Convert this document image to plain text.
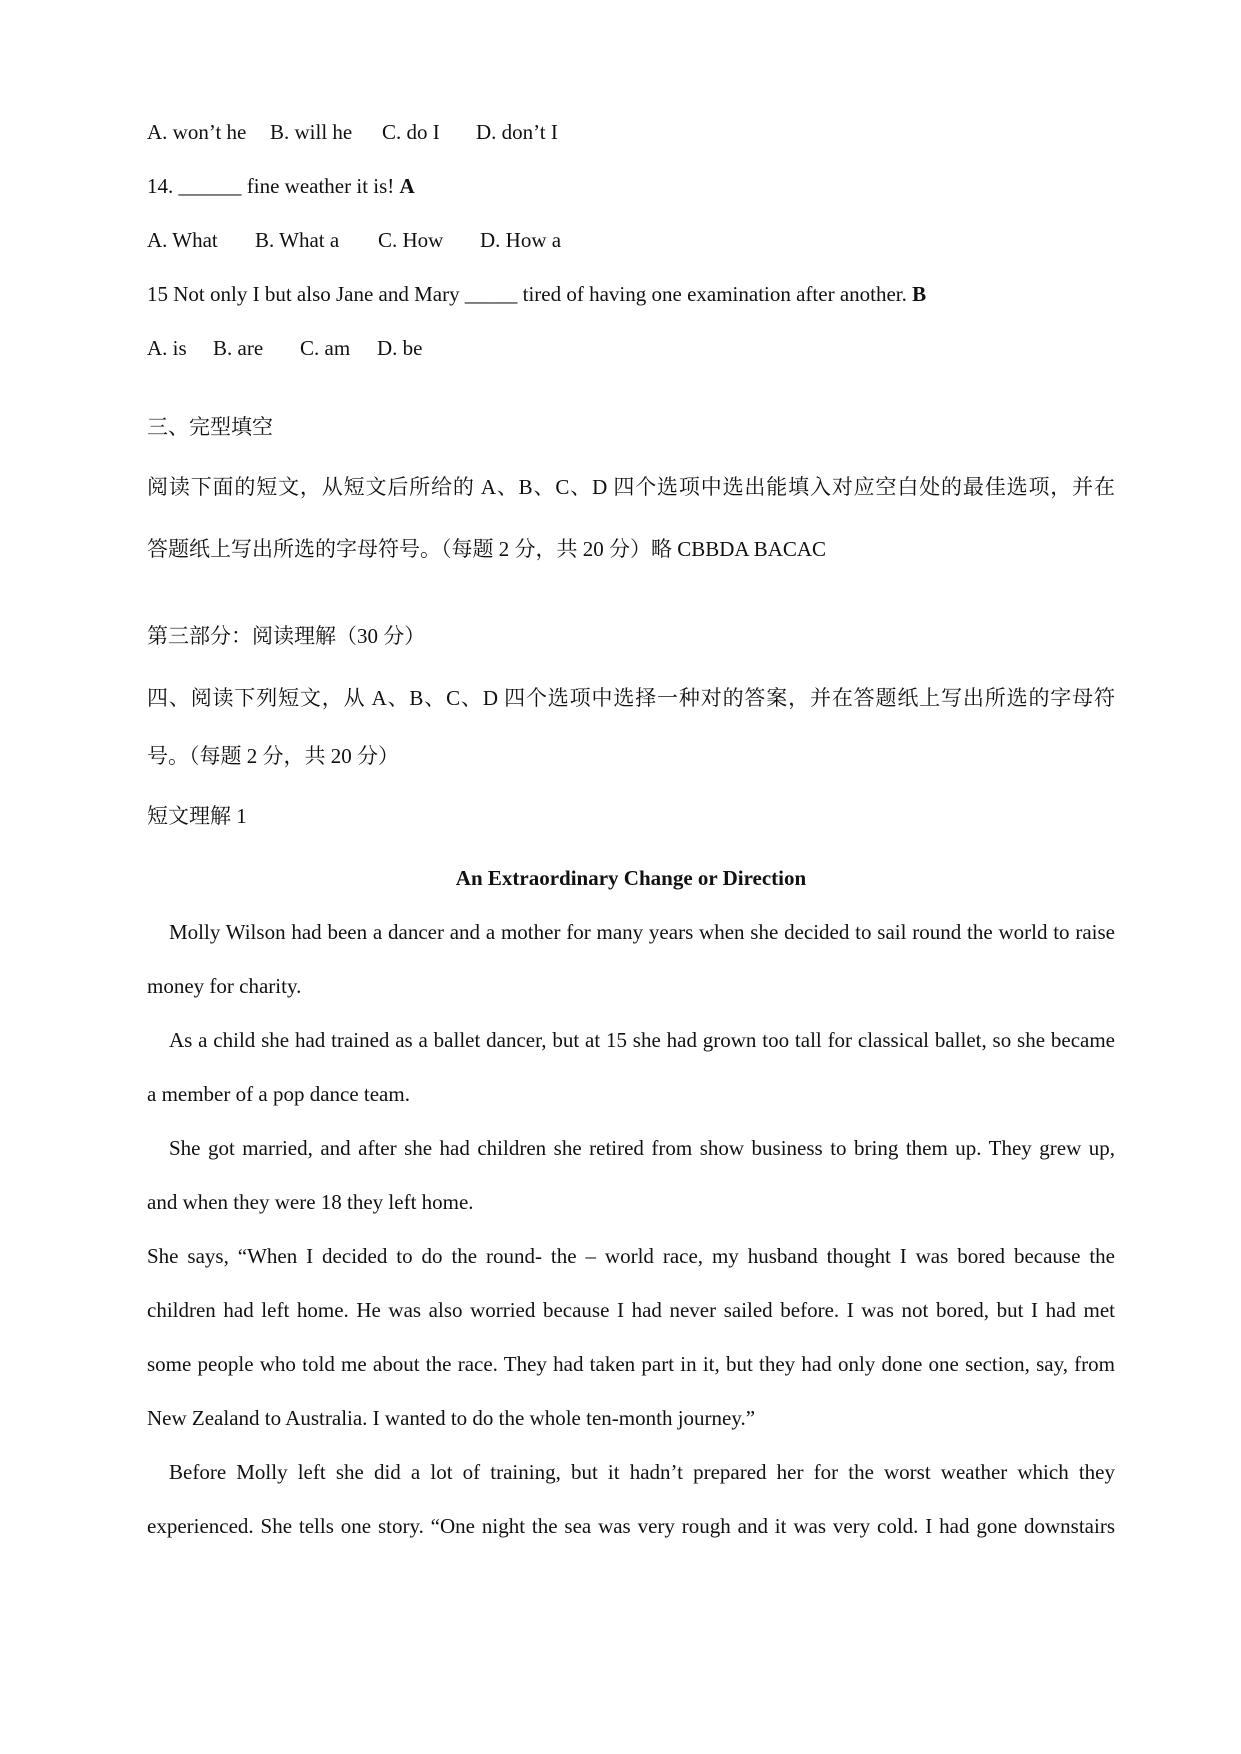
A. won’t he B. will he C. do I D. don’t I
14. ______ fine weather it is! A
A. What B. What a C. How D. How a
15 Not only I but also Jane and Mary _____ tired of having one examination after another. B
A. is B. are C. am D. be
三、完型填空
阅读下面的短文，从短文后所给的 A、B、C、D 四个选项中选出能填入对应空白处的最佳选项，并在
答题纸上写出所选的字母符号。（每题 2 分，共 20 分）略 CBBDA BACAC
第三部分：阅读理解（30 分）
四、阅读下列短文，从 A、B、C、D 四个选项中选择一种对的答案，并在答题纸上写出所选的字母符
号。（每题 2 分，共 20 分）
短文理解 1
An Extraordinary Change or Direction
Molly Wilson had been a dancer and a mother for many years when she decided to sail round the world to raise
money for charity.
As a child she had trained as a ballet dancer, but at 15 she had grown too tall for classical ballet, so she became
a member of a pop dance team.
She got married, and after she had children she retired from show business to bring them up. They grew up,
and when they were 18 they left home.
She says, “When I decided to do the round- the – world race, my husband thought I was bored because the
children had left home. He was also worried because I had never sailed before. I was not bored, but I had met
some people who told me about the race. They had taken part in it, but they had only done one section, say, from
New Zealand to Australia. I wanted to do the whole ten-month journey.”
Before Molly left she did a lot of training, but it hadn’t prepared her for the worst weather which they
experienced. She tells one story. “One night the sea was very rough and it was very cold. I had gone downstairs
